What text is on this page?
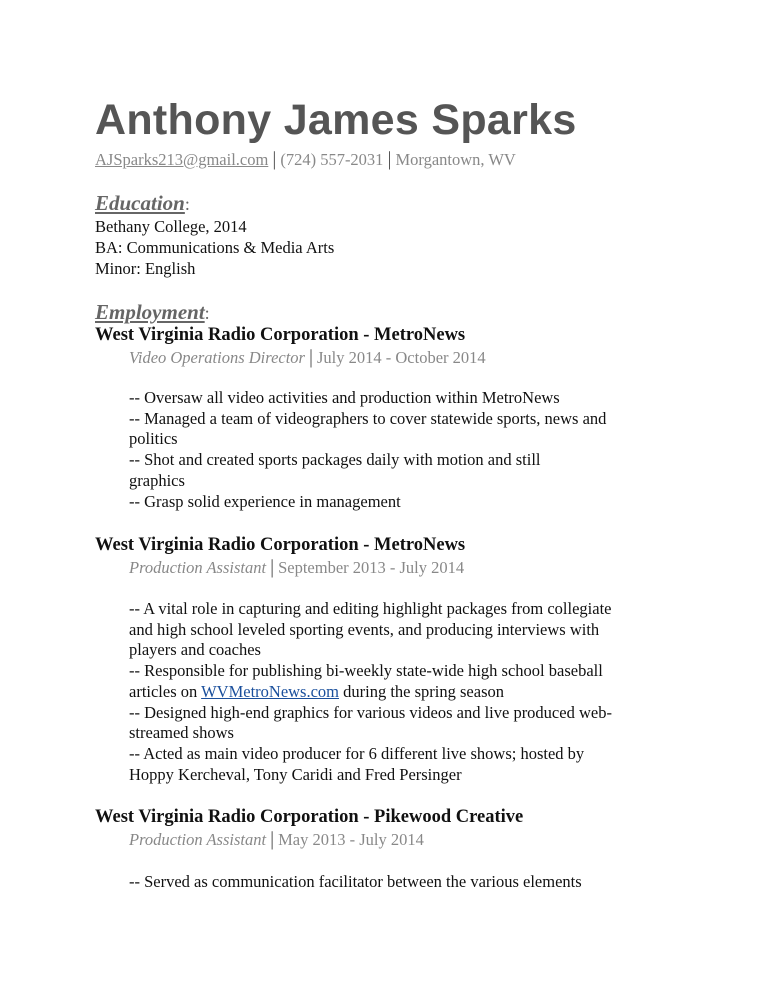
Anthony James Sparks
AJSparks213@gmail.com | (724) 557-2031 | Morgantown, WV
Education:
Bethany College, 2014
BA: Communications & Media Arts
Minor: English
Employment:
West Virginia Radio Corporation - MetroNews
Video Operations Director | July 2014 - October 2014
-- Oversaw all video activities and production within MetroNews
-- Managed a team of videographers to cover statewide sports, news and
politics
-- Shot and created sports packages daily with motion and still
graphics
-- Grasp solid experience in management
West Virginia Radio Corporation - MetroNews
Production Assistant | September 2013 - July 2014
-- A vital role in capturing and editing highlight packages from collegiate
and high school leveled sporting events, and producing interviews with
players and coaches
-- Responsible for publishing bi-weekly state-wide high school baseball
articles on WVMetroNews.com during the spring season
-- Designed high-end graphics for various videos and live produced web-
streamed shows
-- Acted as main video producer for 6 different live shows; hosted by
Hoppy Kercheval, Tony Caridi and Fred Persinger
West Virginia Radio Corporation - Pikewood Creative
Production Assistant | May 2013 - July 2014
-- Served as communication facilitator between the various elements
